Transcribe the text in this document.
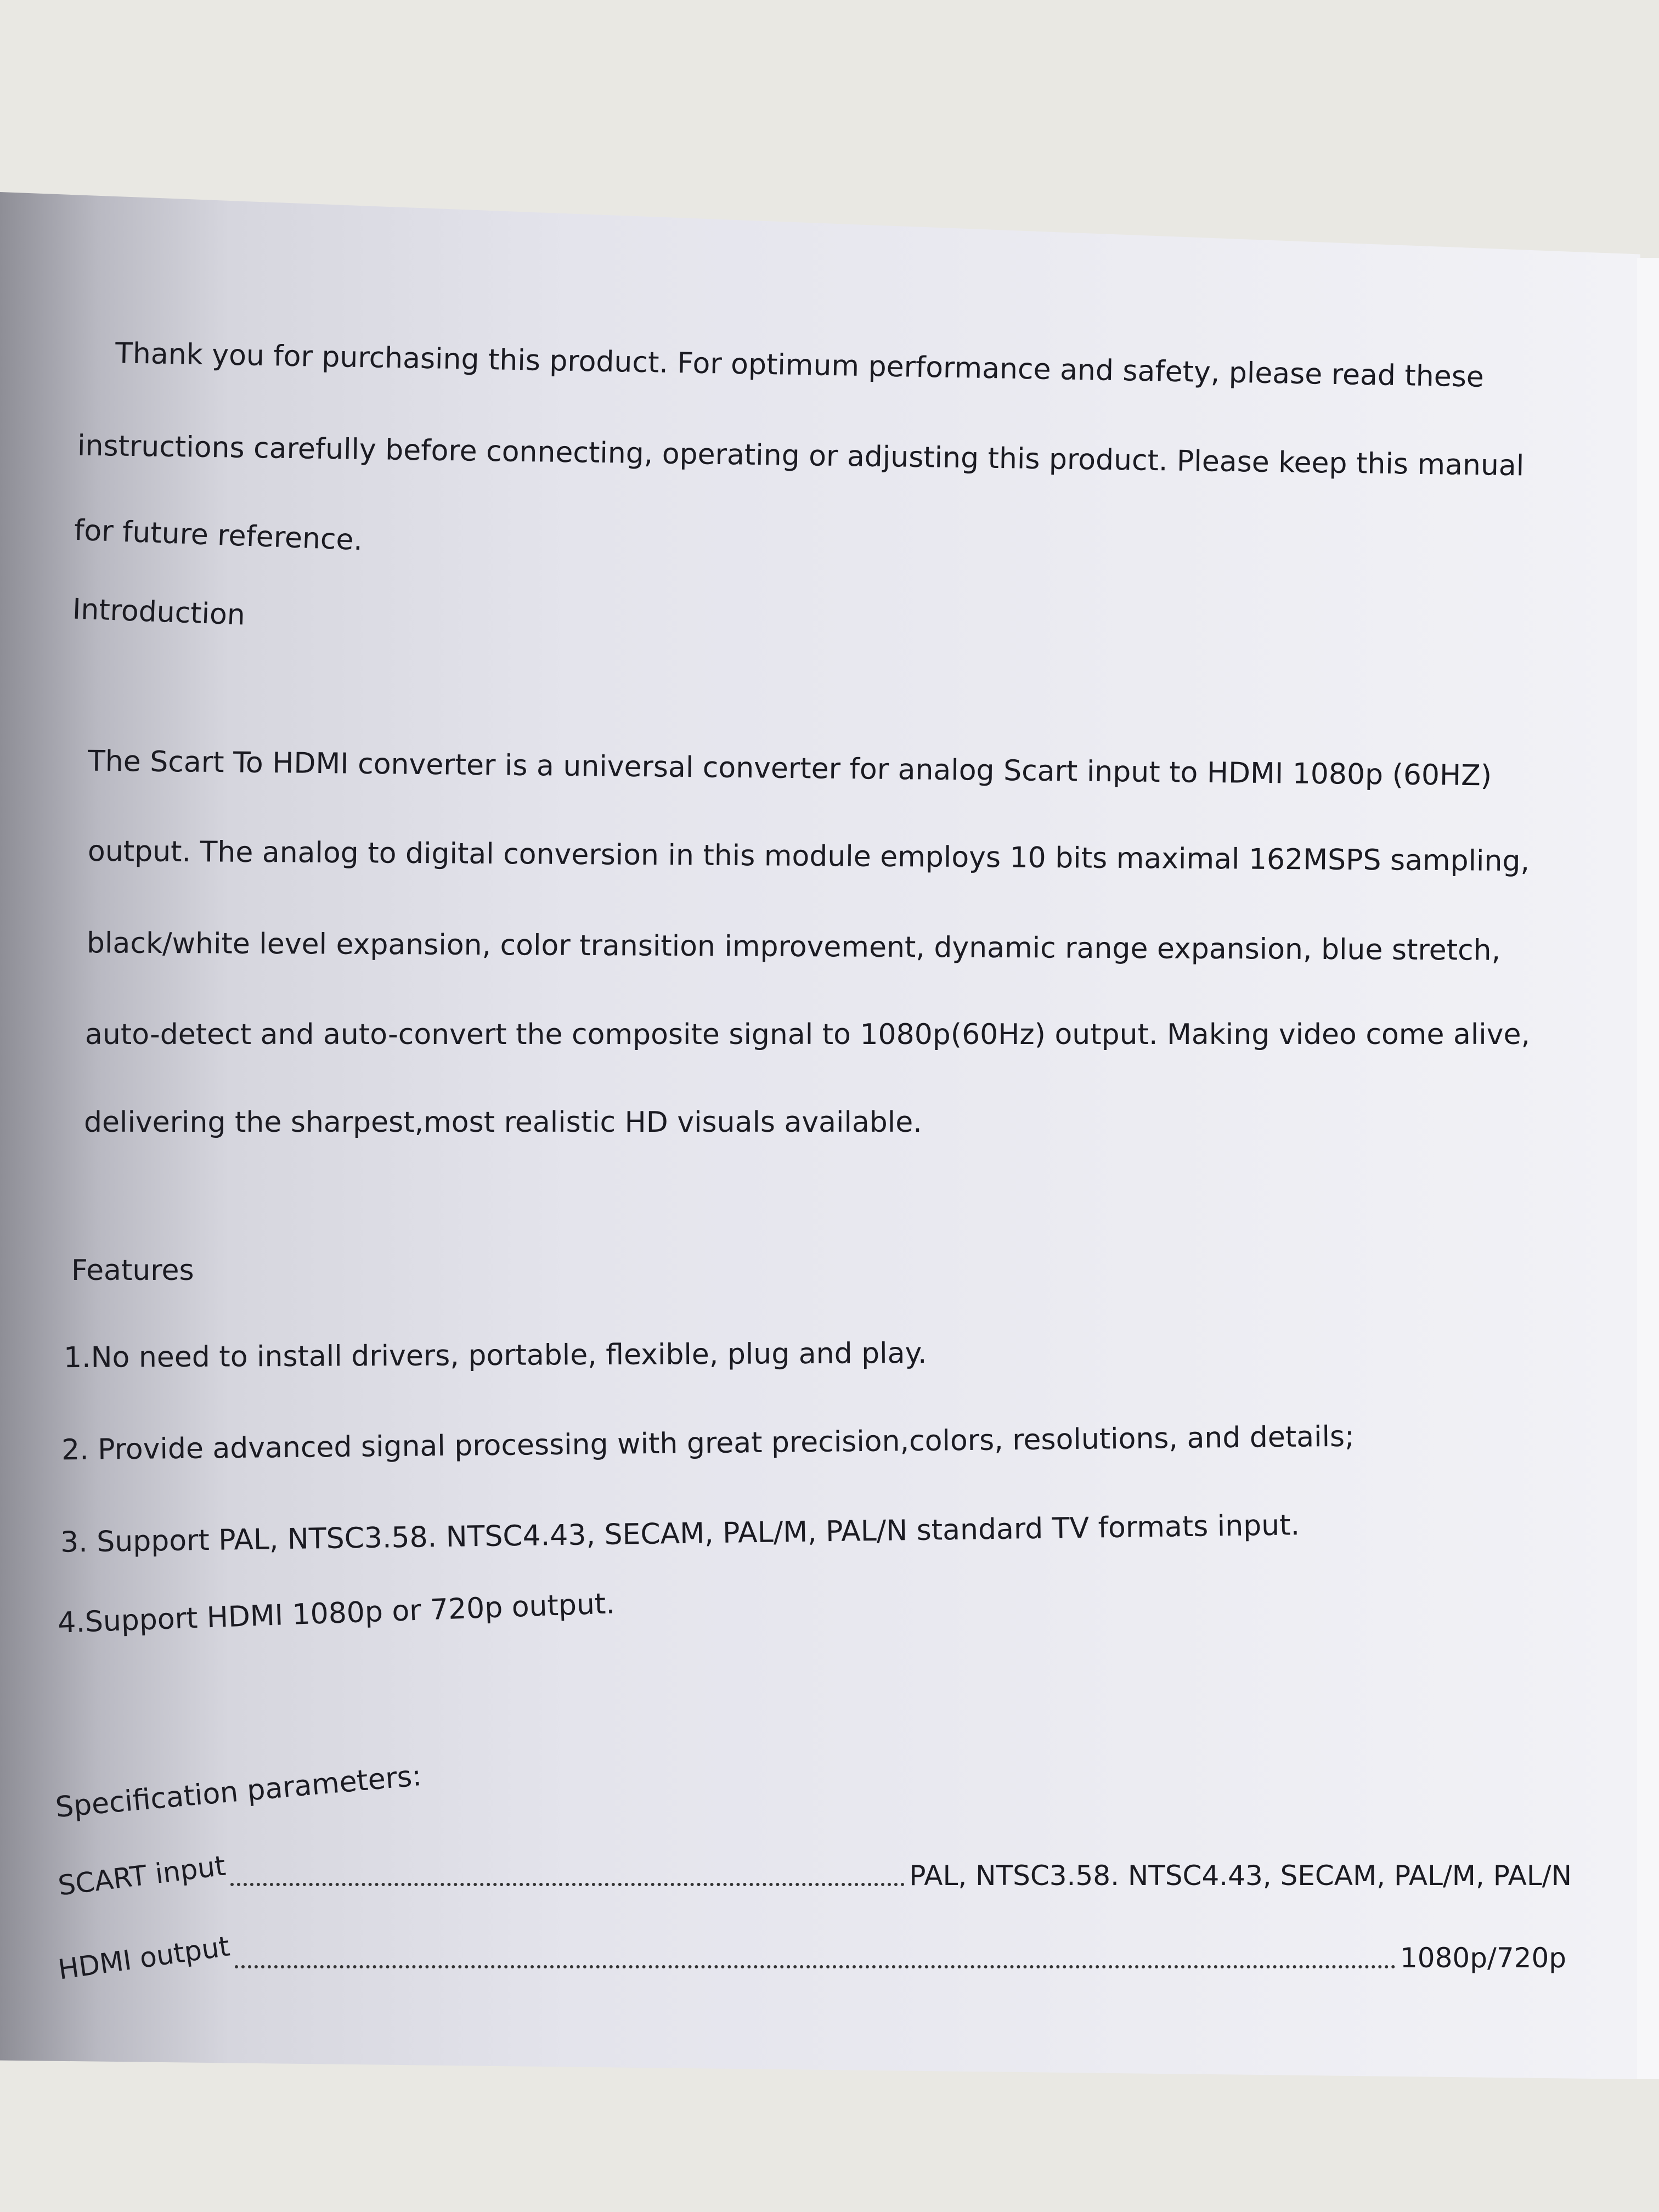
Thank you for purchasing this product. For optimum performance and safety, please read these
instructions carefully before connecting, operating or adjusting this product. Please keep this manual
for future reference.
Introduction
The Scart To HDMI converter is a universal converter for analog Scart input to HDMI 1080p (60HZ)
output. The analog to digital conversion in this module employs 10 bits maximal 162MSPS sampling,
black/white level expansion, color transition improvement, dynamic range expansion, blue stretch,
auto-detect and auto-convert the composite signal to 1080p(60Hz) output. Making video come alive,
delivering the sharpest,most realistic HD visuals available.
Features
1.No need to install drivers, portable, flexible, plug and play.
2. Provide advanced signal processing with great precision,colors, resolutions, and details;
3. Support PAL, NTSC3.58. NTSC4.43, SECAM, PAL/M, PAL/N standard TV formats input.
4.Support HDMI 1080p or 720p output.
Specification parameters:
SCART input	PAL, NTSC3.58. NTSC4.43, SECAM, PAL/M, PAL/N
HDMI output	1080p/720p
